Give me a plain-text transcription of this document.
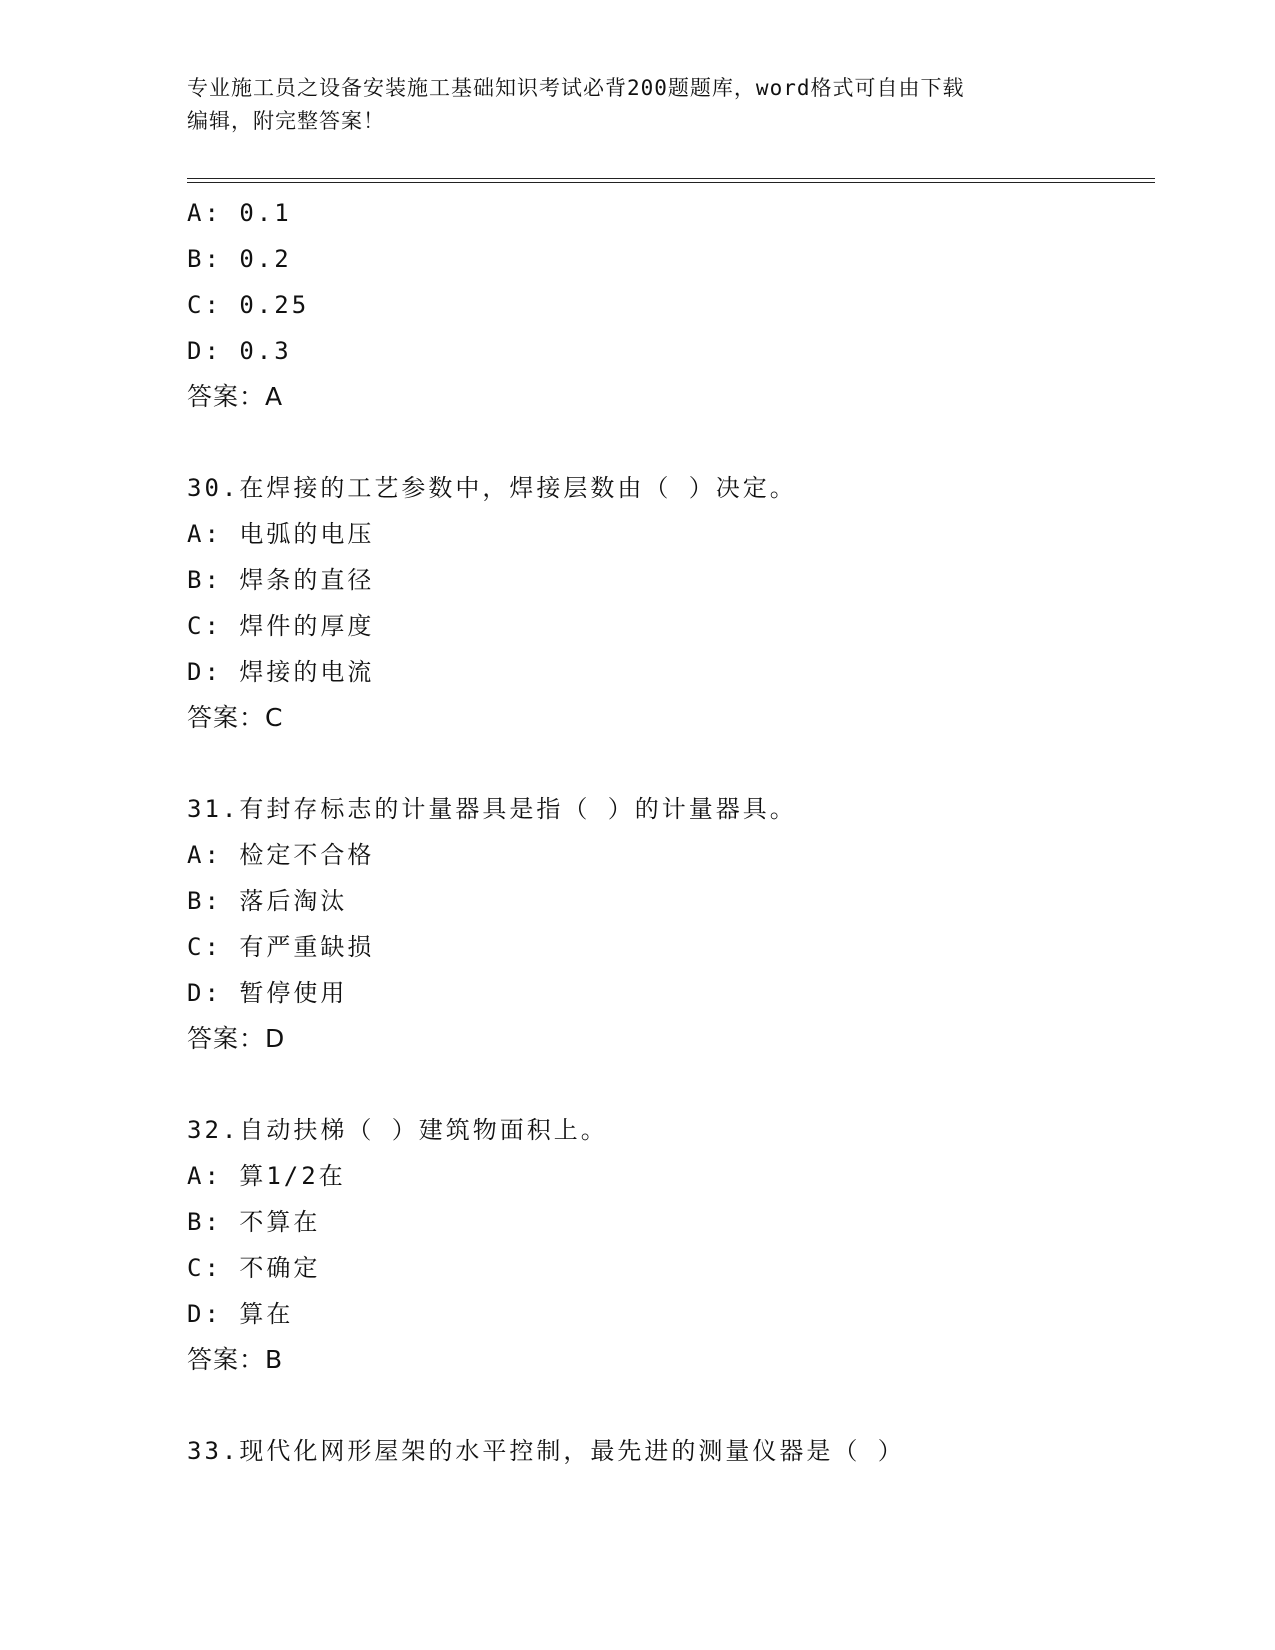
专业施工员之设备安装施工基础知识考试必背200题题库，word格式可自由下载
编辑，附完整答案！
A: 0.1
B: 0.2
C: 0.25
D: 0.3
答案：A
30.在焊接的工艺参数中，焊接层数由（ ）决定。
A: 电弧的电压
B: 焊条的直径
C: 焊件的厚度
D: 焊接的电流
答案：C
31.有封存标志的计量器具是指（ ）的计量器具。
A: 检定不合格
B: 落后淘汰
C: 有严重缺损
D: 暂停使用
答案：D
32.自动扶梯（ ）建筑物面积上。
A: 算1/2在
B: 不算在
C: 不确定
D: 算在
答案：B
33.现代化网形屋架的水平控制，最先进的测量仪器是（ ）
